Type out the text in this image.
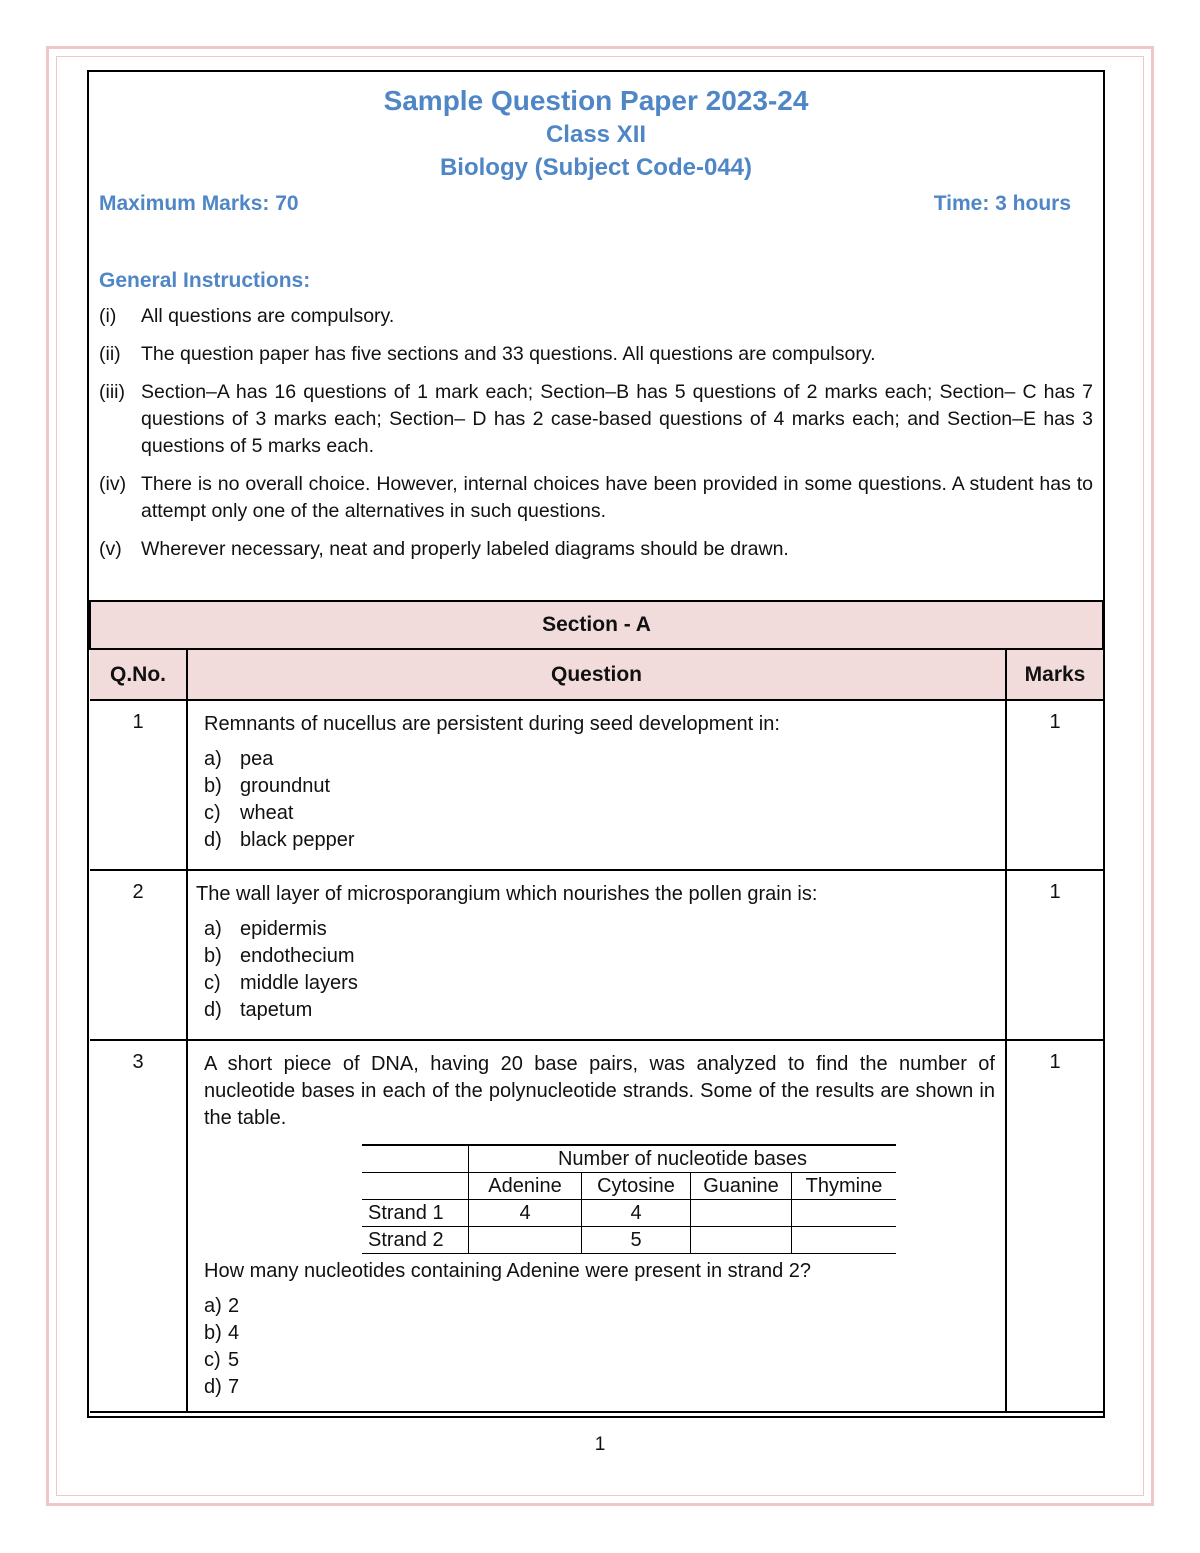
Sample Question Paper 2023-24
Class XII
Biology (Subject Code-044)
Maximum Marks: 70	Time: 3 hours
General Instructions:
(i)	All questions are compulsory.
(ii)	The question paper has five sections and 33 questions. All questions are compulsory.
(iii) Section–A has 16 questions of 1 mark each; Section–B has 5 questions of 2 marks each; Section– C has 7 questions of 3 marks each; Section– D has 2 case-based questions of 4 marks each; and Section–E has 3 questions of 5 marks each.
(iv) There is no overall choice. However, internal choices have been provided in some questions. A student has to attempt only one of the alternatives in such questions.
(v) Wherever necessary, neat and properly labeled diagrams should be drawn.
Section - A
Q.No.	Question	Marks
1	Remnants of nucellus are persistent during seed development in:
a) pea
b) groundnut
c) wheat
d) black pepper
	1
2	The wall layer of microsporangium which nourishes the pollen grain is:
a) epidermis
b) endothecium
c) middle layers
d) tapetum
	1
3	A short piece of DNA, having 20 base pairs, was analyzed to find the number of nucleotide bases in each of the polynucleotide strands. Some of the results are shown in the table.
	Number of nucleotide bases
	Adenine	Cytosine	Guanine	Thymine
Strand 1	4	4		
Strand 2		5		
How many nucleotides containing Adenine were present in strand 2?
a) 2
b) 4
c) 5
d) 7
	1
1
